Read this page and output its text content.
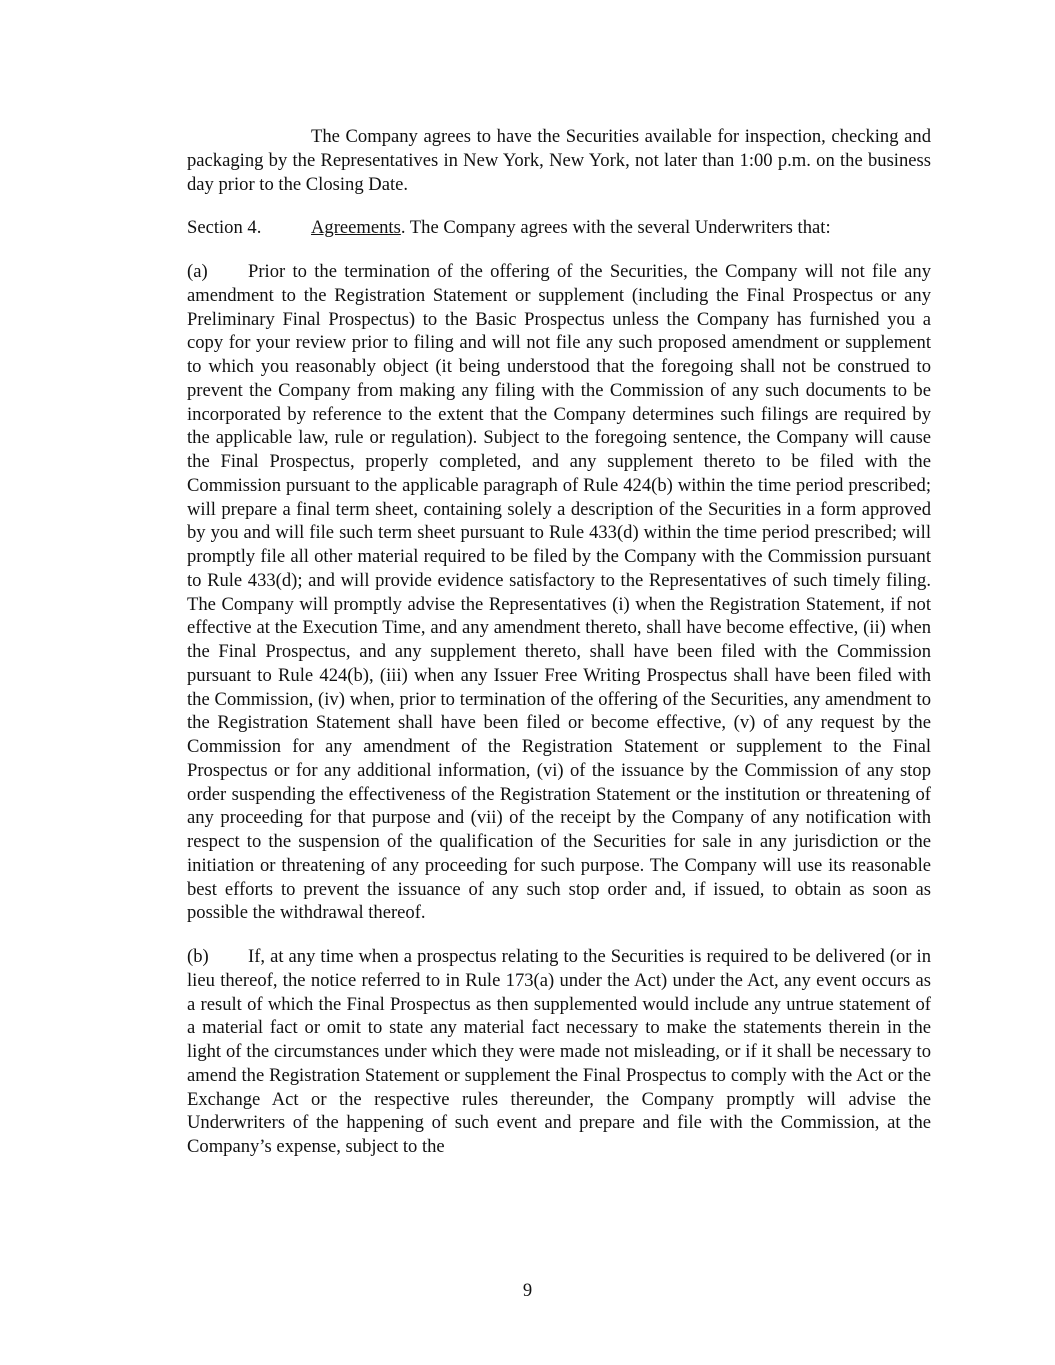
The Company agrees to have the Securities available for inspection, checking and packaging by the Representatives in New York, New York, not later than 1:00 p.m. on the business day prior to the Closing Date.

Section 4.	Agreements. The Company agrees with the several Underwriters that:

(a) Prior to the termination of the offering of the Securities, the Company will not file any amendment to the Registration Statement or supplement (including the Final Prospectus or any Preliminary Final Prospectus) to the Basic Prospectus unless the Company has furnished you a copy for your review prior to filing and will not file any such proposed amendment or supplement to which you reasonably object (it being understood that the foregoing shall not be construed to prevent the Company from making any filing with the Commission of any such documents to be incorporated by reference to the extent that the Company determines such filings are required by the applicable law, rule or regulation). Subject to the foregoing sentence, the Company will cause the Final Prospectus, properly completed, and any supplement thereto to be filed with the Commission pursuant to the applicable paragraph of Rule 424(b) within the time period prescribed; will prepare a final term sheet, containing solely a description of the Securities in a form approved by you and will file such term sheet pursuant to Rule 433(d) within the time period prescribed; will promptly file all other material required to be filed by the Company with the Commission pursuant to Rule 433(d); and will provide evidence satisfactory to the Representatives of such timely filing. The Company will promptly advise the Representatives (i) when the Registration Statement, if not effective at the Execution Time, and any amendment thereto, shall have become effective, (ii) when the Final Prospectus, and any supplement thereto, shall have been filed with the Commission pursuant to Rule 424(b), (iii) when any Issuer Free Writing Prospectus shall have been filed with the Commission, (iv) when, prior to termination of the offering of the Securities, any amendment to the Registration Statement shall have been filed or become effective, (v) of any request by the Commission for any amendment of the Registration Statement or supplement to the Final Prospectus or for any additional information, (vi) of the issuance by the Commission of any stop order suspending the effectiveness of the Registration Statement or the institution or threatening of any proceeding for that purpose and (vii) of the receipt by the Company of any notification with respect to the suspension of the qualification of the Securities for sale in any jurisdiction or the initiation or threatening of any proceeding for such purpose. The Company will use its reasonable best efforts to prevent the issuance of any such stop order and, if issued, to obtain as soon as possible the withdrawal thereof.

(b) If, at any time when a prospectus relating to the Securities is required to be delivered (or in lieu thereof, the notice referred to in Rule 173(a) under the Act) under the Act, any event occurs as a result of which the Final Prospectus as then supplemented would include any untrue statement of a material fact or omit to state any material fact necessary to make the statements therein in the light of the circumstances under which they were made not misleading, or if it shall be necessary to amend the Registration Statement or supplement the Final Prospectus to comply with the Act or the Exchange Act or the respective rules thereunder, the Company promptly will advise the Underwriters of the happening of such event and prepare and file with the Commission, at the Company’s expense, subject to the

9
